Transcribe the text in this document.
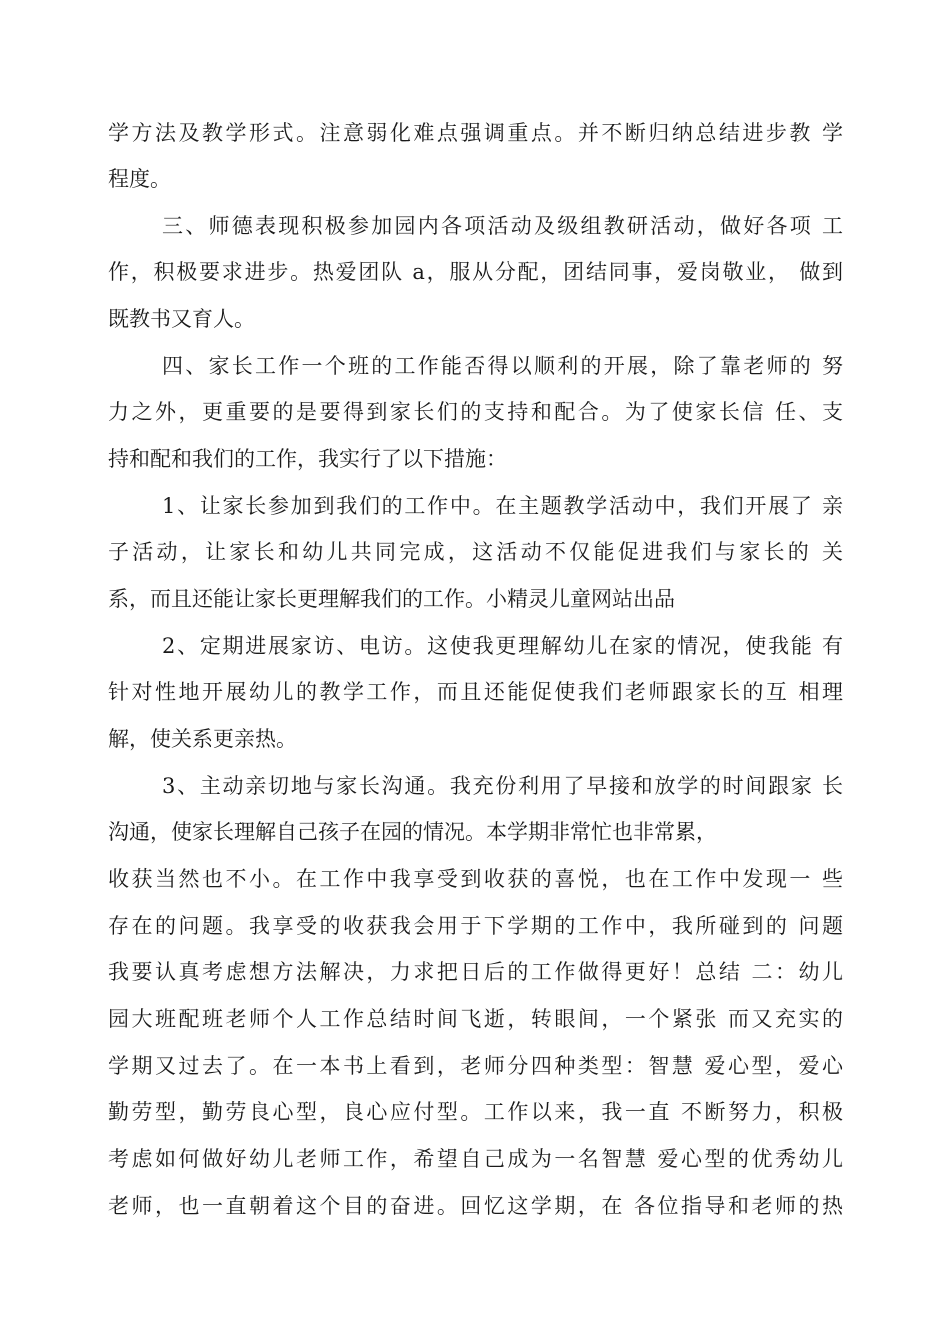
学方法及教学形式。注意弱化难点强调重点。并不断归纳总结进步教 学
程度。
三、师德表现积极参加园内各项活动及级组教研活动，做好各项 工
作，积极要求进步。热爱团队 a，服从分配，团结同事，爱岗敬业， 做到
既教书又育人。
四、家长工作一个班的工作能否得以顺利的开展，除了靠老师的 努
力之外，更重要的是要得到家长们的支持和配合。为了使家长信 任、支
持和配和我们的工作，我实行了以下措施：
1、让家长参加到我们的工作中。在主题教学活动中，我们开展了 亲
子活动，让家长和幼儿共同完成，这活动不仅能促进我们与家长的 关
系，而且还能让家长更理解我们的工作。小精灵儿童网站出品
2、定期进展家访、电访。这使我更理解幼儿在家的情况，使我能 有
针对性地开展幼儿的教学工作，而且还能促使我们老师跟家长的互 相理
解，使关系更亲热。
3、主动亲切地与家长沟通。我充份利用了早接和放学的时间跟家 长
沟通，使家长理解自己孩子在园的情况。本学期非常忙也非常累，
收获当然也不小。在工作中我享受到收获的喜悦，也在工作中发现一 些
存在的问题。我享受的收获我会用于下学期的工作中，我所碰到的 问题
我要认真考虑想方法解决，力求把日后的工作做得更好！总结 二：幼儿
园大班配班老师个人工作总结时间飞逝，转眼间，一个紧张 而又充实的
学期又过去了。在一本书上看到，老师分四种类型：智慧 爱心型，爱心
勤劳型，勤劳良心型，良心应付型。工作以来，我一直 不断努力，积极
考虑如何做好幼儿老师工作，希望自己成为一名智慧 爱心型的优秀幼儿
老师，也一直朝着这个目的奋进。回忆这学期，在 各位指导和老师的热
